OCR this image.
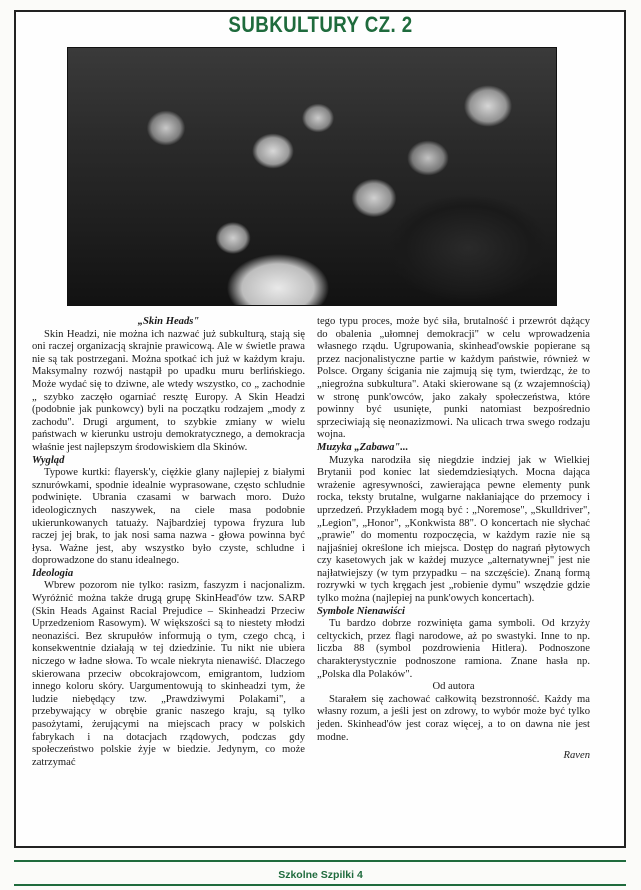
SUBKULTURY CZ. 2

„Skin Heads"

Skin Headzi, nie można ich nazwać już subkulturą, stają się oni raczej organizacją skrajnie prawicową. Ale w świetle prawa nie są tak postrzegani. Można spotkać ich już w każdym kraju. Maksymalny rozwój nastąpił po upadku muru berlińskiego. Może wydać się to dziwne, ale wtedy wszystko, co „ zachodnie „ szybko zaczęło ogarniać resztę Europy. A Skin Headzi (podobnie jak punkowcy) byli na początku rodzajem „mody z zachodu". Drugi argument, to szybkie zmiany w wielu państwach w kierunku ustroju demokratycznego, a demokracja właśnie jest najlepszym środowiskiem dla Skinów.

Wygląd

Typowe kurtki: flayersk'y, ciężkie glany najlepiej z białymi sznurówkami, spodnie idealnie wyprasowane, często schludnie podwinięte. Ubrania czasami w barwach moro. Dużo ideologicznych naszywek, na ciele masa podobnie ukierunkowanych tatuaży. Najbardziej typowa fryzura lub raczej jej brak, to jak nosi sama nazwa - głowa powinna być łysa. Ważne jest, aby wszystko było czyste, schludne i doprowadzone do stanu idealnego.

Ideologia

Wbrew pozorom nie tylko: rasizm, faszyzm i nacjonalizm. Wyróżnić można także drugą grupę SkinHead'ów tzw. SARP (Skin Heads Against Racial Prejudice – Skinheadzi Przeciw Uprzedzeniom Rasowym). W większości są to niestety młodzi neonaziści. Bez skrupułów informują o tym, czego chcą, i konsekwentnie działają w tej dziedzinie. Tu nikt nie ubiera niczego w ładne słowa. To wcale niekryta nienawiść. Dlaczego skierowana przeciw obcokrajowcom, emigrantom, ludziom innego koloru skóry. Uargumentowują to skinheadzi tym, że ludzie niebędący tzw. „Prawdziwymi Polakami", a przebywający w obrębie granic naszego kraju, są tylko pasożytami, żerującymi na miejscach pracy w polskich fabrykach i na dotacjach rządowych, podczas gdy społeczeństwo polskie żyje w biedzie. Jedynym, co może zatrzymać

tego typu proces, może być siła, brutalność i przewrót dążący do obalenia „ułomnej demokracji" w celu wprowadzenia własnego rządu. Ugrupowania, skinhead'owskie popierane są przez nacjonalistyczne partie w każdym państwie, również w Polsce. Organy ścigania nie zajmują się tym, twierdząc, że to „niegroźna subkultura". Ataki skierowane są (z wzajemnością) w stronę punk'owców, jako zakały społeczeństwa, które powinny być usunięte, punki natomiast bezpośrednio sprzeciwiają się neonazizmowi. Na ulicach trwa swego rodzaju wojna.

Muzyka „Zabawa"...

Muzyka narodziła się niegdzie indziej jak w Wielkiej Brytanii pod koniec lat siedemdziesiątych. Mocna dająca wrażenie agresywności, zawierająca pewne elementy punk rocka, teksty brutalne, wulgarne nakłaniające do przemocy i uprzedzeń. Przykładem mogą być : „Noremose", „Skulldriver", „Legion", „Honor", „Konkwista 88". O koncertach nie słychać „prawie" do momentu rozpoczęcia, w każdym razie nie są najjaśniej określone ich miejsca. Dostęp do nagrań płytowych czy kasetowych jak w każdej muzyce „alternatywnej" jest nie najłatwiejszy (w tym przypadku – na szczęście). Znaną formą rozrywki w tych kręgach jest „robienie dymu" wszędzie gdzie tylko można (najlepiej na punk'owych koncertach).

Symbole Nienawiści

Tu bardzo dobrze rozwinięta gama symboli. Od krzyży celtyckich, przez flagi narodowe, aż po swastyki. Inne to np. liczba 88 (symbol pozdrowienia Hitlera). Podnoszone charakterystycznie podnoszone ramiona. Znane hasła np. „Polska dla Polaków".

Od autora

Starałem się zachować całkowitą bezstronność. Każdy ma własny rozum, a jeśli jest on zdrowy, to wybór może być tylko jeden. Skinhead'ów jest coraz więcej, a to on dawna nie jest modne.

Raven

Szkolne Szpilki 4
